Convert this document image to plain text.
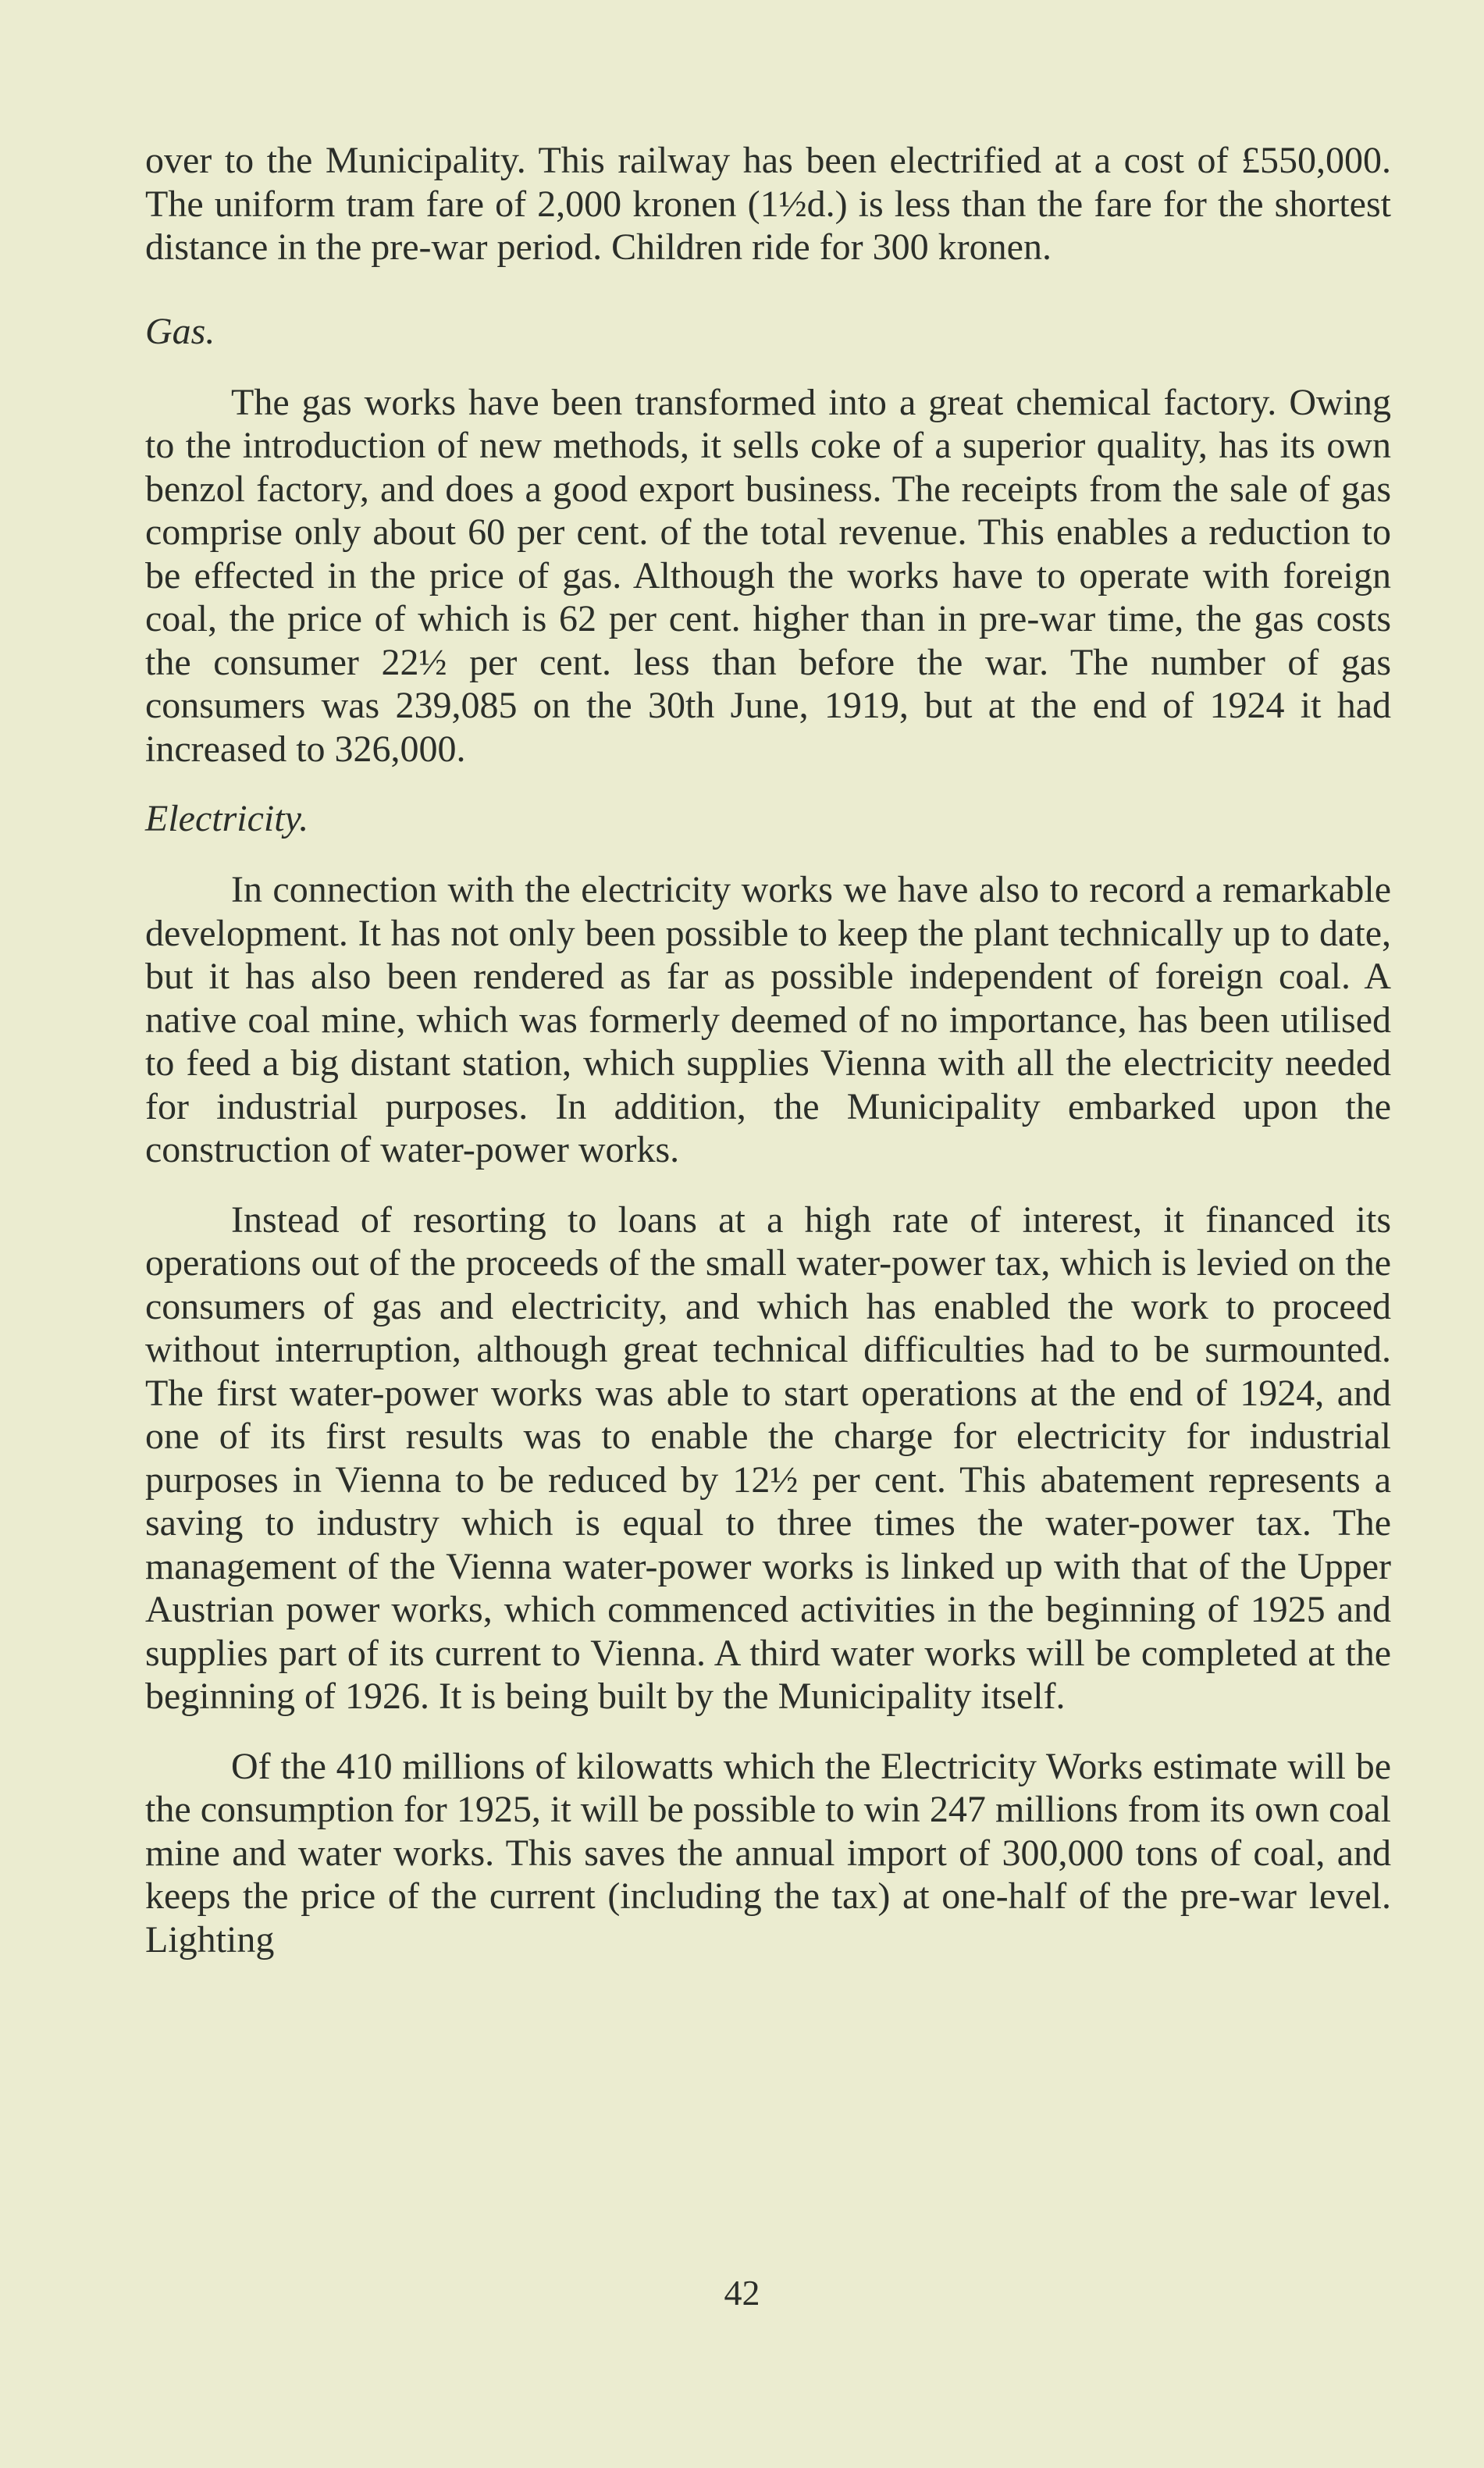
over to the Municipality. This railway has been electrified at a cost of £550,000. The uniform tram fare of 2,000 kronen (1½d.) is less than the fare for the shortest distance in the pre-war period. Children ride for 300 kronen.

Gas.

The gas works have been transformed into a great chemical factory. Owing to the introduction of new methods, it sells coke of a superior quality, has its own benzol factory, and does a good export business. The receipts from the sale of gas comprise only about 60 per cent. of the total revenue. This enables a reduction to be effected in the price of gas. Although the works have to operate with foreign coal, the price of which is 62 per cent. higher than in pre-war time, the gas costs the consumer 22½ per cent. less than before the war. The number of gas consumers was 239,085 on the 30th June, 1919, but at the end of 1924 it had increased to 326,000.

Electricity.

In connection with the electricity works we have also to record a remarkable development. It has not only been possible to keep the plant technically up to date, but it has also been rendered as far as possible independent of foreign coal. A native coal mine, which was formerly deemed of no importance, has been utilised to feed a big distant station, which supplies Vienna with all the electricity needed for industrial purposes. In addition, the Municipality embarked upon the construction of water-power works.

Instead of resorting to loans at a high rate of interest, it financed its operations out of the proceeds of the small water-power tax, which is levied on the consumers of gas and electricity, and which has enabled the work to proceed without interruption, although great technical difficulties had to be surmounted. The first water-power works was able to start operations at the end of 1924, and one of its first results was to enable the charge for electricity for industrial purposes in Vienna to be reduced by 12½ per cent. This abatement represents a saving to industry which is equal to three times the water-power tax. The management of the Vienna water-power works is linked up with that of the Upper Austrian power works, which commenced activities in the beginning of 1925 and supplies part of its current to Vienna. A third water works will be completed at the beginning of 1926. It is being built by the Municipality itself.

Of the 410 millions of kilowatts which the Electricity Works estimate will be the consumption for 1925, it will be possible to win 247 millions from its own coal mine and water works. This saves the annual import of 300,000 tons of coal, and keeps the price of the current (including the tax) at one-half of the pre-war level. Lighting

42
